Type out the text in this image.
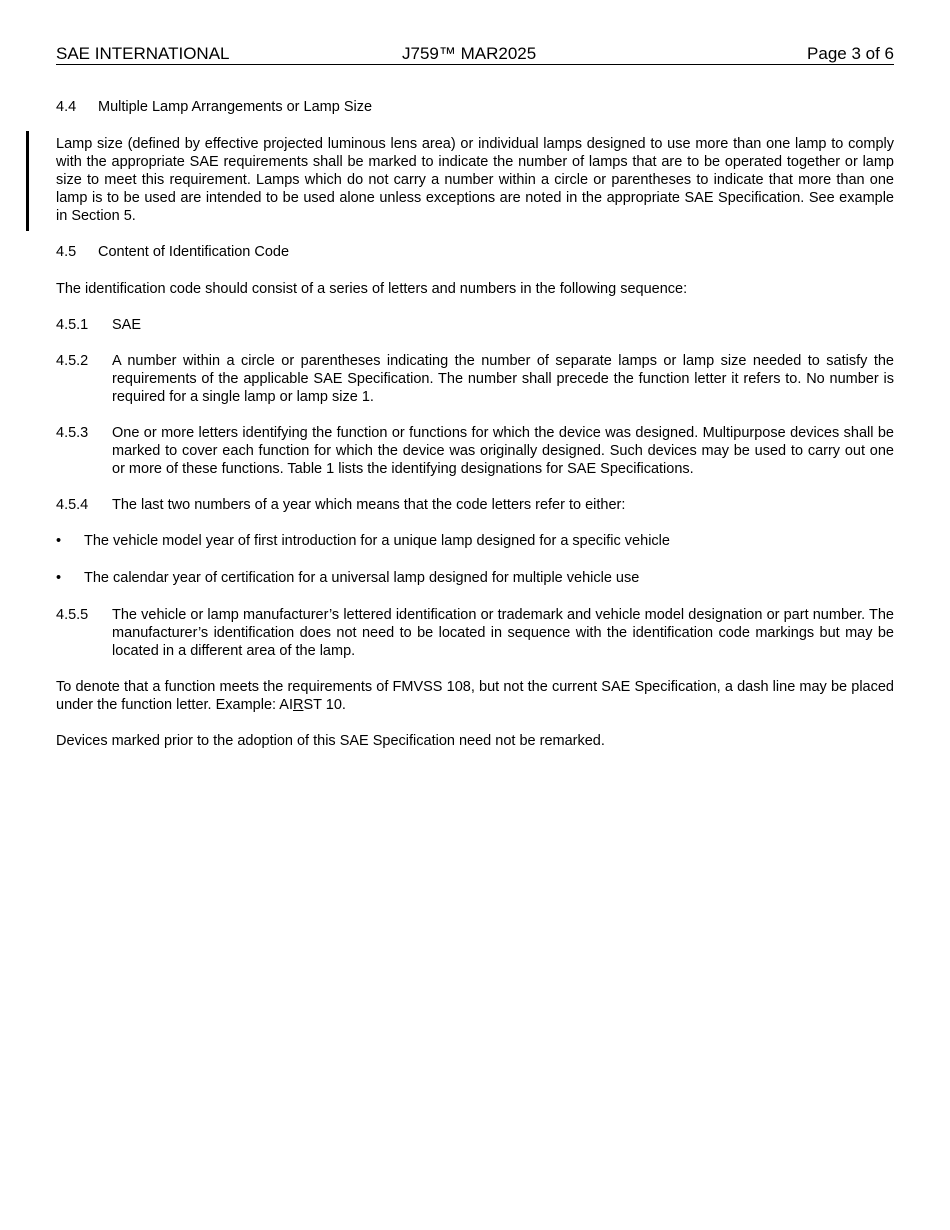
SAE INTERNATIONAL	J759™ MAR2025	Page 3 of 6
4.4 Multiple Lamp Arrangements or Lamp Size

Lamp size (defined by effective projected luminous lens area) or individual lamps designed to use more than one lamp to comply with the appropriate SAE requirements shall be marked to indicate the number of lamps that are to be operated together or lamp size to meet this requirement. Lamps which do not carry a number within a circle or parentheses to indicate that more than one lamp is to be used are intended to be used alone unless exceptions are noted in the appropriate SAE Specification. See example in Section 5.

4.5 Content of Identification Code

The identification code should consist of a series of letters and numbers in the following sequence:

4.5.1 SAE
4.5.2 A number within a circle or parentheses indicating the number of separate lamps or lamp size needed to satisfy the requirements of the applicable SAE Specification. The number shall precede the function letter it refers to. No number is required for a single lamp or lamp size 1.
4.5.3 One or more letters identifying the function or functions for which the device was designed. Multipurpose devices shall be marked to cover each function for which the device was originally designed. Such devices may be used to carry out one or more of these functions. Table 1 lists the identifying designations for SAE Specifications.
4.5.4 The last two numbers of a year which means that the code letters refer to either:
• The vehicle model year of first introduction for a unique lamp designed for a specific vehicle
• The calendar year of certification for a universal lamp designed for multiple vehicle use
4.5.5 The vehicle or lamp manufacturer’s lettered identification or trademark and vehicle model designation or part number. The manufacturer’s identification does not need to be located in sequence with the identification code markings but may be located in a different area of the lamp.

To denote that a function meets the requirements of FMVSS 108, but not the current SAE Specification, a dash line may be placed under the function letter. Example: AIRST 10.

Devices marked prior to the adoption of this SAE Specification need not be remarked.
